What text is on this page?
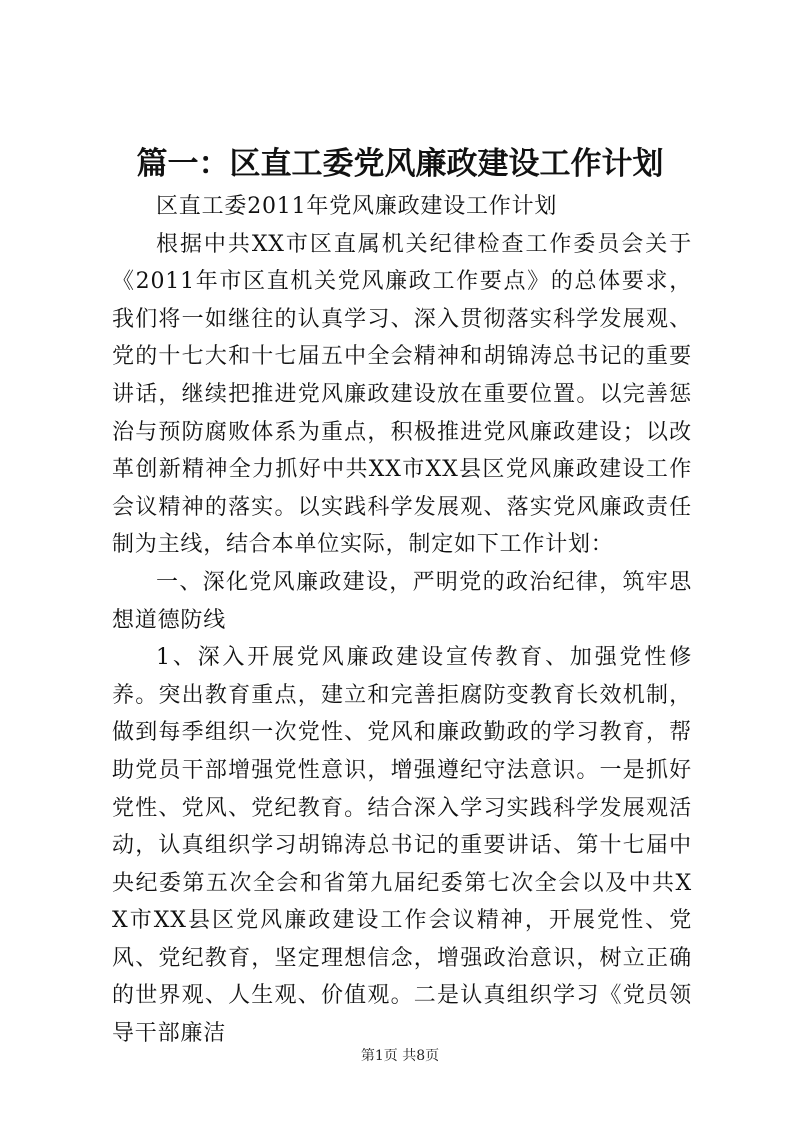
篇一：区直工委党风廉政建设工作计划

区直工委2011年党风廉政建设工作计划

根据中共XX市区直属机关纪律检查工作委员会关于《2011年市区直机关党风廉政工作要点》的总体要求，我们将一如继往的认真学习、深入贯彻落实科学发展观、党的十七大和十七届五中全会精神和胡锦涛总书记的重要讲话，继续把推进党风廉政建设放在重要位置。以完善惩治与预防腐败体系为重点，积极推进党风廉政建设；以改革创新精神全力抓好中共XX市XX县区党风廉政建设工作会议精神的落实。以实践科学发展观、落实党风廉政责任制为主线，结合本单位实际，制定如下工作计划：

一、深化党风廉政建设，严明党的政治纪律，筑牢思想道德防线

1、深入开展党风廉政建设宣传教育、加强党性修养。突出教育重点，建立和完善拒腐防变教育长效机制，做到每季组织一次党性、党风和廉政勤政的学习教育，帮助党员干部增强党性意识，增强遵纪守法意识。一是抓好党性、党风、党纪教育。结合深入学习实践科学发展观活动，认真组织学习胡锦涛总书记的重要讲话、第十七届中央纪委第五次全会和省第九届纪委第七次全会以及中共XX市XX县区党风廉政建设工作会议精神，开展党性、党风、党纪教育，坚定理想信念，增强政治意识，树立正确的世界观、人生观、价值观。二是认真组织学习《党员领导干部廉洁

第1页 共8页
